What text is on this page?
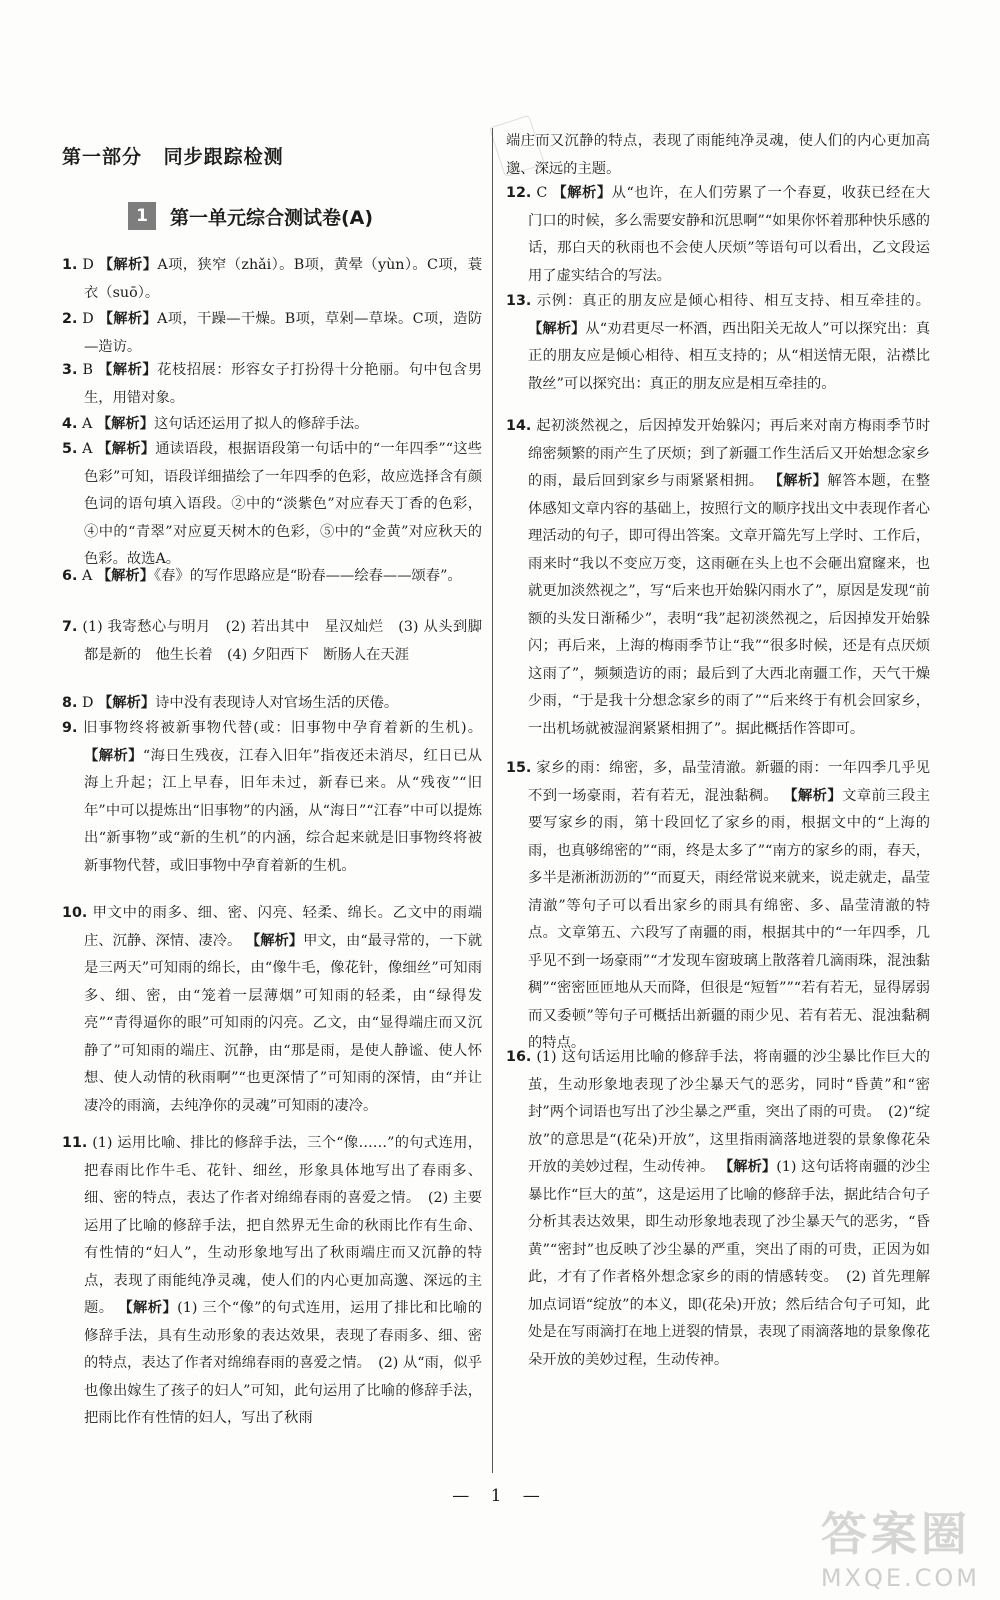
第一部分 同步跟踪检测
1	第一单元综合测试卷(A)
1. D 【解析】A项，狭窄（zhǎi）。B项，黄晕（yùn）。C项，蓑衣（suō）。
2. D 【解析】A项，干躁—干燥。B项，草剁—草垛。C项，造防—造访。
3. B 【解析】花枝招展：形容女子打扮得十分艳丽。句中包含男生，用错对象。
4. A 【解析】这句话还运用了拟人的修辞手法。
5. A 【解析】通读语段，根据语段第一句话中的“一年四季”“这些色彩”可知，语段详细描绘了一年四季的色彩，故应选择含有颜色词的语句填入语段。②中的“淡紫色”对应春天丁香的色彩，④中的“青翠”对应夏天树木的色彩，⑤中的“金黄”对应秋天的色彩。故选A。
6. A 【解析】《春》的写作思路应是“盼春——绘春——颂春”。
7. (1) 我寄愁心与明月　(2) 若出其中　星汉灿烂　(3) 从头到脚都是新的　他生长着　(4) 夕阳西下　断肠人在天涯
8. D 【解析】诗中没有表现诗人对官场生活的厌倦。
9. 旧事物终将被新事物代替(或：旧事物中孕育着新的生机)。 【解析】“海日生残夜，江春入旧年”指夜还未消尽，红日已从海上升起；江上早春，旧年未过，新春已来。从“残夜”“旧年”中可以提炼出“旧事物”的内涵，从“海日”“江春”中可以提炼出“新事物”或“新的生机”的内涵，综合起来就是旧事物终将被新事物代替，或旧事物中孕育着新的生机。
10. 甲文中的雨多、细、密、闪亮、轻柔、绵长。乙文中的雨端庄、沉静、深情、凄冷。 【解析】甲文，由“最寻常的，一下就是三两天”可知雨的绵长，由“像牛毛，像花针，像细丝”可知雨多、细、密，由“笼着一层薄烟”可知雨的轻柔，由“绿得发亮”“青得逼你的眼”可知雨的闪亮。乙文，由“显得端庄而又沉静了”可知雨的端庄、沉静，由“那是雨，是使人静谧、使人怀想、使人动情的秋雨啊”“也更深情了”可知雨的深情，由“并让凄冷的雨滴，去纯净你的灵魂”可知雨的凄冷。
11. (1) 运用比喻、排比的修辞手法，三个“像……”的句式连用，把春雨比作牛毛、花针、细丝，形象具体地写出了春雨多、细、密的特点，表达了作者对绵绵春雨的喜爱之情。　(2) 主要运用了比喻的修辞手法，把自然界无生命的秋雨比作有生命、有性情的“妇人”，生动形象地写出了秋雨端庄而又沉静的特点，表现了雨能纯净灵魂，使人们的内心更加高邈、深远的主题。 【解析】(1) 三个“像”的句式连用，运用了排比和比喻的修辞手法，具有生动形象的表达效果，表现了春雨多、细、密的特点，表达了作者对绵绵春雨的喜爱之情。　(2) 从“雨，似乎也像出嫁生了孩子的妇人”可知，此句运用了比喻的修辞手法，把雨比作有性情的妇人，写出了秋雨
端庄而又沉静的特点，表现了雨能纯净灵魂，使人们的内心更加高邈、深远的主题。
12. C 【解析】从“也许，在人们劳累了一个春夏，收获已经在大门口的时候，多么需要安静和沉思啊”“如果你怀着那种快乐感的话，那白天的秋雨也不会使人厌烦”等语句可以看出，乙文段运用了虚实结合的写法。
13. 示例：真正的朋友应是倾心相待、相互支持、相互牵挂的。 【解析】从“劝君更尽一杯酒，西出阳关无故人”可以探究出：真正的朋友应是倾心相待、相互支持的；从“相送情无限，沾襟比散丝”可以探究出：真正的朋友应是相互牵挂的。
14. 起初淡然视之，后因掉发开始躲闪；再后来对南方梅雨季节时绵密频繁的雨产生了厌烦；到了新疆工作生活后又开始想念家乡的雨，最后回到家乡与雨紧紧相拥。 【解析】解答本题，在整体感知文章内容的基础上，按照行文的顺序找出文中表现作者心理活动的句子，即可得出答案。文章开篇先写上学时、工作后，雨来时“我以不变应万变，这雨砸在头上也不会砸出窟窿来，也就更加淡然视之”，写“后来也开始躲闪雨水了”，原因是发现“前额的头发日渐稀少”，表明“我”起初淡然视之，后因掉发开始躲闪；再后来，上海的梅雨季节让“我”“很多时候，还是有点厌烦这雨了”，频频造访的雨；最后到了大西北南疆工作，天气干燥少雨，“于是我十分想念家乡的雨了”“后来终于有机会回家乡，一出机场就被湿润紧紧相拥了”。据此概括作答即可。
15. 家乡的雨：绵密，多，晶莹清澈。新疆的雨：一年四季几乎见不到一场豪雨，若有若无，混浊黏稠。 【解析】文章前三段主要写家乡的雨，第十段回忆了家乡的雨，根据文中的“上海的雨，也真够绵密的”“雨，终是太多了”“南方的家乡的雨，春天，多半是淅淅沥沥的”“而夏天，雨经常说来就来，说走就走，晶莹清澈”等句子可以看出家乡的雨具有绵密、多、晶莹清澈的特点。文章第五、六段写了南疆的雨，根据其中的“一年四季，几乎见不到一场豪雨”“才发现车窗玻璃上散落着几滴雨珠，混浊黏稠”“密密匝匝地从天而降，但很是“短暂””“若有若无，显得孱弱而又委顿”等句子可概括出新疆的雨少见、若有若无、混浊黏稠的特点。
16. (1) 这句话运用比喻的修辞手法，将南疆的沙尘暴比作巨大的茧，生动形象地表现了沙尘暴天气的恶劣，同时“昏黄”和“密封”两个词语也写出了沙尘暴之严重，突出了雨的可贵。　(2)“绽放”的意思是“(花朵)开放”，这里指雨滴落地迸裂的景象像花朵开放的美妙过程，生动传神。 【解析】(1) 这句话将南疆的沙尘暴比作“巨大的茧”，这是运用了比喻的修辞手法，据此结合句子分析其表达效果，即生动形象地表现了沙尘暴天气的恶劣，“昏黄”“密封”也反映了沙尘暴的严重，突出了雨的可贵，正因为如此，才有了作者格外想念家乡的雨的情感转变。　(2) 首先理解加点词语“绽放”的本义，即(花朵)开放；然后结合句子可知，此处是在写雨滴打在地上迸裂的情景，表现了雨滴落地的景象像花朵开放的美妙过程，生动传神。
— 1 —
答案圈
MXQE.COM
